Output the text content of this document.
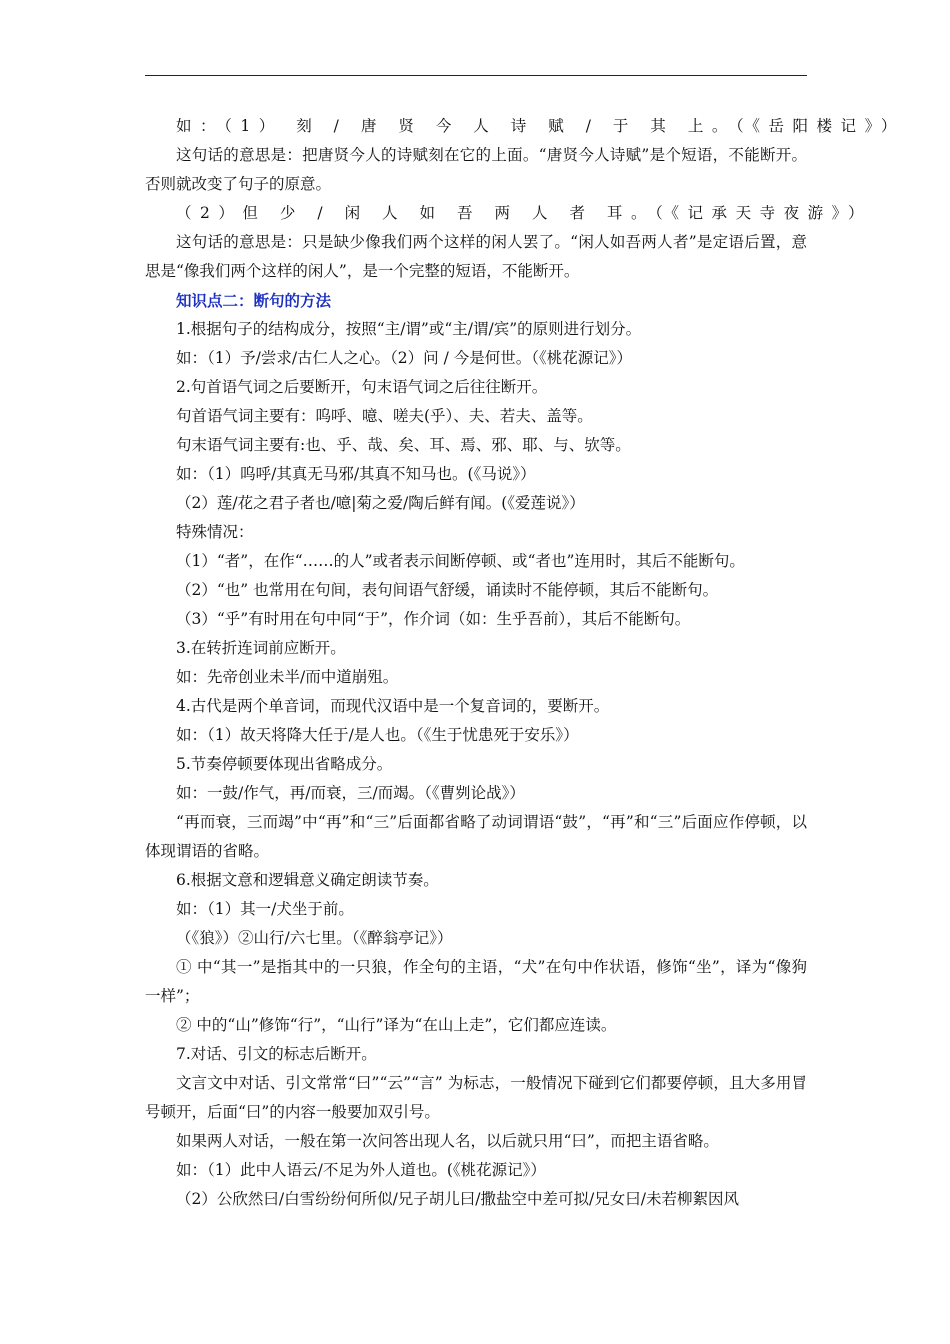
如：（1） 刻 / 唐 贤 今 人 诗 赋 / 于 其 上。（《岳阳楼记》）

这句话的意思是：把唐贤今人的诗赋刻在它的上面。“唐贤今人诗赋”是个短语，不能断开。否则就改变了句子的原意。

（2）但 少 / 闲 人 如 吾 两 人 者 耳。（《记承天寺夜游》）

这句话的意思是：只是缺少像我们两个这样的闲人罢了。“闲人如吾两人者”是定语后置，意思是“像我们两个这样的闲人”，是一个完整的短语，不能断开。

知识点二：断句的方法

1.根据句子的结构成分，按照“主/谓”或“主/谓/宾”的原则进行划分。

如：（1）予/尝求/古仁人之心。（2）问 / 今是何世。（《桃花源记》）

2.句首语气词之后要断开，句末语气词之后往往断开。

句首语气词主要有：呜呼、噫、嗟夫(乎）、夫、若夫、盖等。

句末语气词主要有:也、乎、哉、矣、耳、焉、邪、耶、与、欤等。

如：（1）呜呼/其真无马邪/其真不知马也。(《马说》）

（2）莲/花之君子者也/噫|菊之爱/陶后鲜有闻。(《爱莲说》）

特殊情况：

（1）“者”，在作“……的人”或者表示间断停顿、或“者也”连用时，其后不能断句。

（2）“也” 也常用在句间，表句间语气舒缓，诵读时不能停顿，其后不能断句。

（3）“乎”有时用在句中同“于”，作介词（如：生乎吾前），其后不能断句。

3.在转折连词前应断开。

如：先帝创业未半/而中道崩殂。

4.古代是两个单音词，而现代汉语中是一个复音词的，要断开。

如：（1）故天将降大任于/是人也。（《生于忧患死于安乐》）

5.节奏停顿要体现出省略成分。

如：一鼓/作气，再/而衰，三/而竭。（《曹刿论战》）

“再而衰，三而竭”中“再”和“三”后面都省略了动词谓语“鼓”，“再”和“三”后面应作停顿，以体现谓语的省略。

6.根据文意和逻辑意义确定朗读节奏。

如：（1）其一/犬坐于前。

（《狼》）②山行/六七里。（《醉翁亭记》）

① 中“其一”是指其中的一只狼，作全句的主语，“犬”在句中作状语，修饰“坐”，译为“像狗一样”；

② 中的“山”修饰“行”，“山行”译为“在山上走”，它们都应连读。

7.对话、引文的标志后断开。

文言文中对话、引文常常“曰”“云”“言” 为标志，一般情况下碰到它们都要停顿，且大多用冒号顿开，后面“曰”的内容一般要加双引号。

如果两人对话，一般在第一次问答出现人名，以后就只用“曰”，而把主语省略。

如：（1）此中人语云/不足为外人道也。(《桃花源记》）

（2）公欣然曰/白雪纷纷何所似/兄子胡儿曰/撒盐空中差可拟/兄女曰/未若柳絮因风
